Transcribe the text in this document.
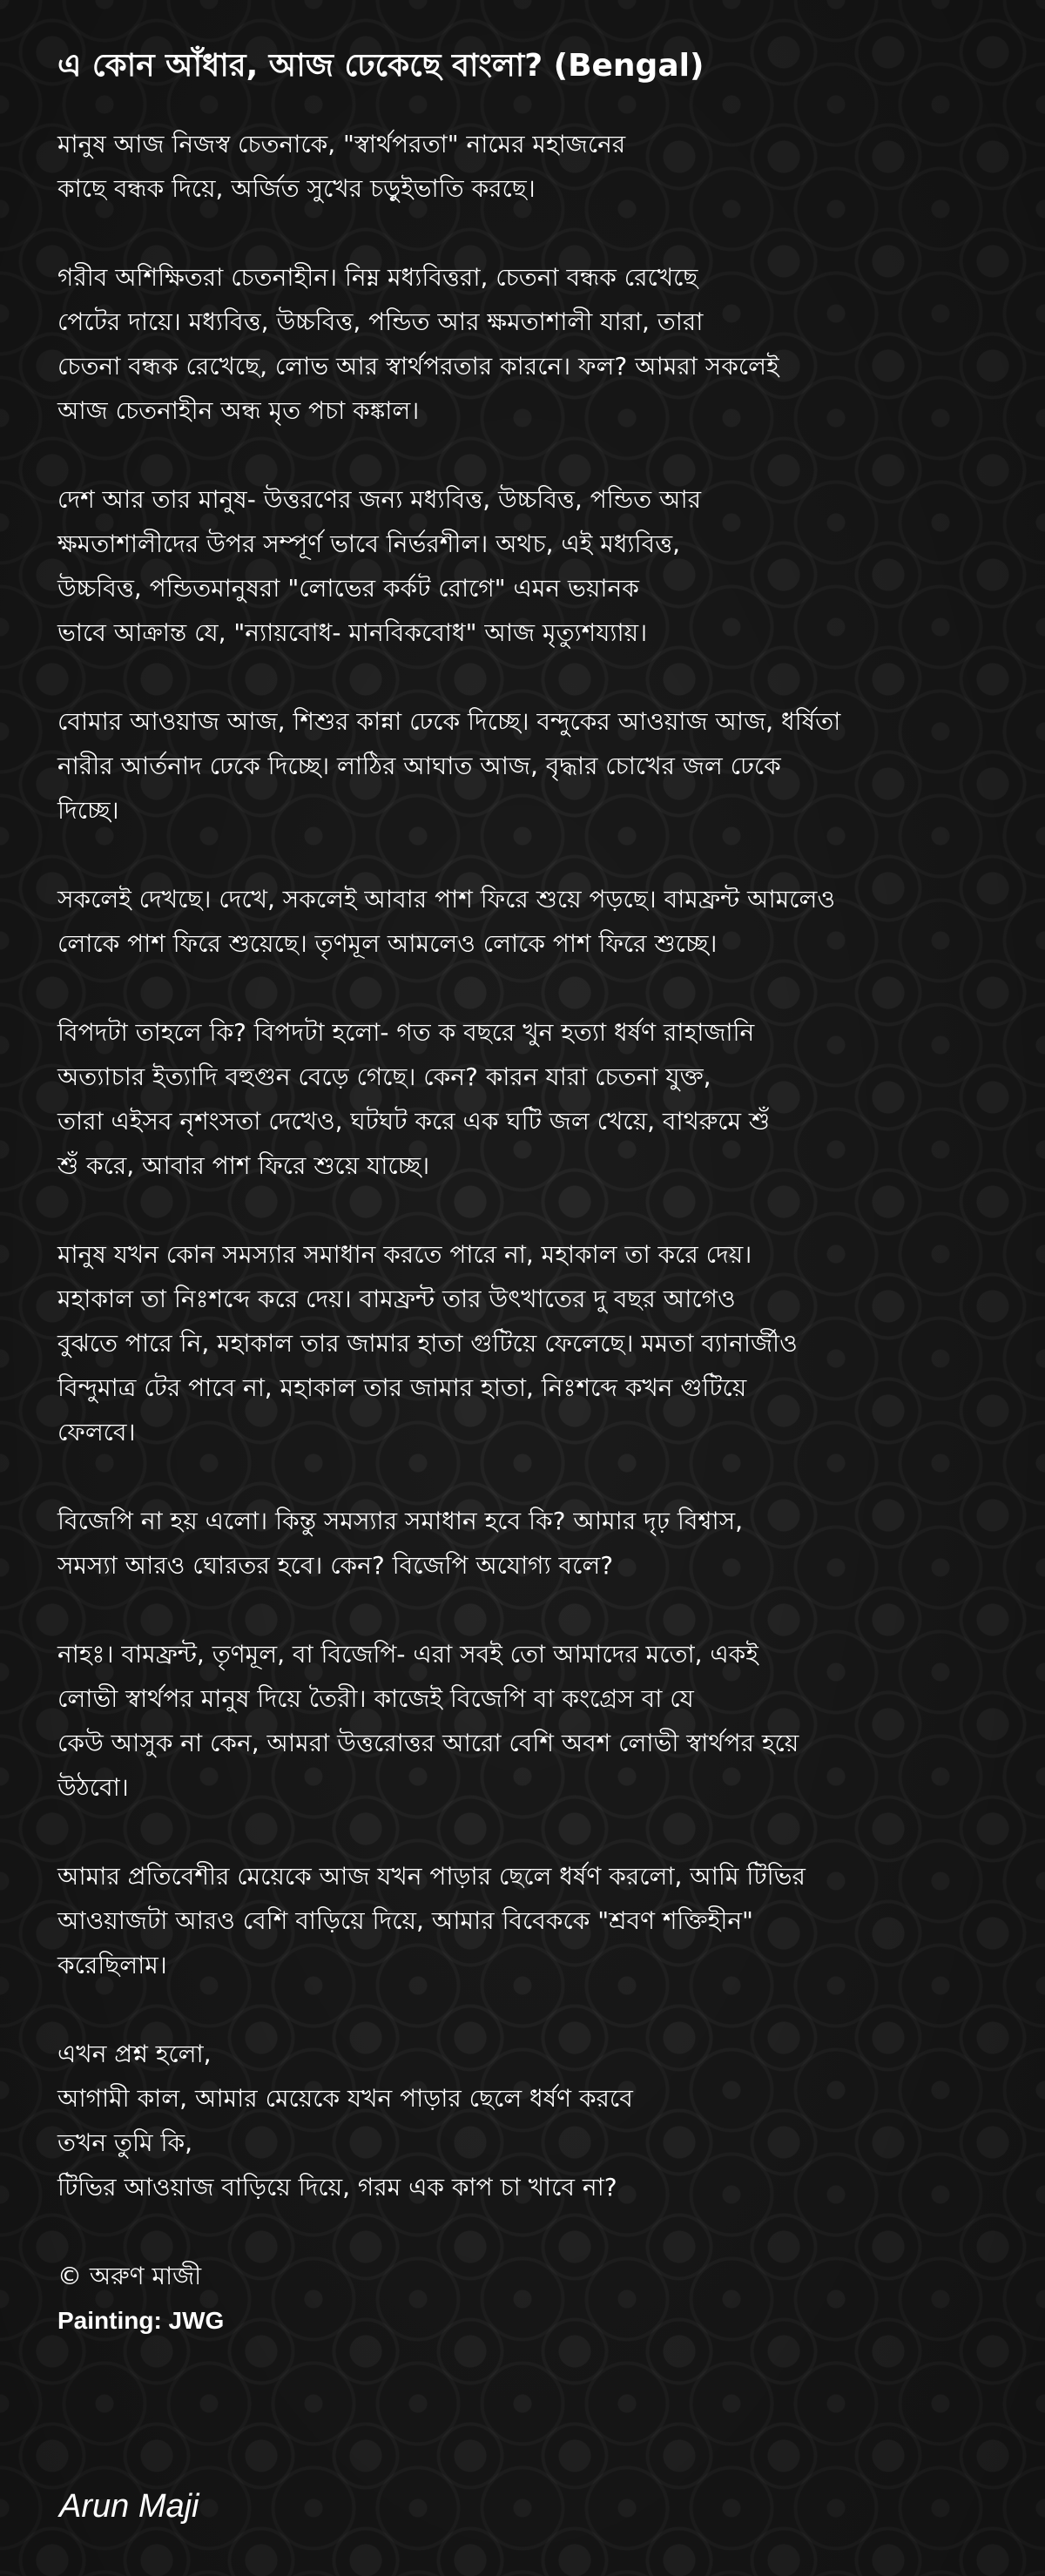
এ কোন আঁধার, আজ ঢেকেছে বাংলা? (Bengal)
মানুষ আজ নিজস্ব চেতনাকে, "স্বার্থপরতা" নামের মহাজনের
কাছে বন্ধক দিয়ে, অর্জিত সুখের চড়ুইভাতি করছে।
গরীব অশিক্ষিতরা চেতনাহীন। নিম্ন মধ্যবিত্তরা, চেতনা বন্ধক রেখেছে
পেটের দায়ে। মধ্যবিত্ত, উচ্চবিত্ত, পন্ডিত আর ক্ষমতাশালী যারা, তারা
চেতনা বন্ধক রেখেছে, লোভ আর স্বার্থপরতার কারনে। ফল? আমরা সকলেই
আজ চেতনাহীন অন্ধ মৃত পচা কঙ্কাল।
দেশ আর তার মানুষ- উত্তরণের জন্য মধ্যবিত্ত, উচ্চবিত্ত, পন্ডিত আর
ক্ষমতাশালীদের উপর সম্পূর্ণ ভাবে নির্ভরশীল। অথচ, এই মধ্যবিত্ত,
উচ্চবিত্ত, পন্ডিতমানুষরা "লোভের কর্কট রোগে" এমন ভয়ানক
ভাবে আক্রান্ত যে, "ন্যায়বোধ- মানবিকবোধ" আজ মৃত্যুশয্যায়।
বোমার আওয়াজ আজ, শিশুর কান্না ঢেকে দিচ্ছে। বন্দুকের আওয়াজ আজ, ধর্ষিতা
নারীর আর্তনাদ ঢেকে দিচ্ছে। লাঠির আঘাত আজ, বৃদ্ধার চোখের জল ঢেকে
দিচ্ছে।
সকলেই দেখছে। দেখে, সকলেই আবার পাশ ফিরে শুয়ে পড়ছে। বামফ্রন্ট আমলেও
লোকে পাশ ফিরে শুয়েছে। তৃণমূল আমলেও লোকে পাশ ফিরে শুচ্ছে।
বিপদটা তাহলে কি? বিপদটা হলো- গত ক বছরে খুন হত্যা ধর্ষণ রাহাজানি
অত্যাচার ইত্যাদি বহুগুন বেড়ে গেছে। কেন? কারন যারা চেতনা যুক্ত,
তারা এইসব নৃশংসতা দেখেও, ঘটঘট করে এক ঘটি জল খেয়ে, বাথরুমে শুঁ
শুঁ করে, আবার পাশ ফিরে শুয়ে যাচ্ছে।
মানুষ যখন কোন সমস্যার সমাধান করতে পারে না, মহাকাল তা করে দেয়।
মহাকাল তা নিঃশব্দে করে দেয়। বামফ্রন্ট তার উৎখাতের দু বছর আগেও
বুঝতে পারে নি, মহাকাল তার জামার হাতা গুটিয়ে ফেলেছে। মমতা ব্যানার্জীও
বিন্দুমাত্র টের পাবে না, মহাকাল তার জামার হাতা, নিঃশব্দে কখন গুটিয়ে
ফেলবে।
বিজেপি না হয় এলো। কিন্তু সমস্যার সমাধান হবে কি? আমার দৃঢ় বিশ্বাস,
সমস্যা আরও ঘোরতর হবে। কেন? বিজেপি অযোগ্য বলে?
নাহঃ। বামফ্রন্ট, তৃণমূল, বা বিজেপি- এরা সবই তো আমাদের মতো, একই
লোভী স্বার্থপর মানুষ দিয়ে তৈরী। কাজেই বিজেপি বা কংগ্রেস বা যে
কেউ আসুক না কেন, আমরা উত্তরোত্তর আরো বেশি অবশ লোভী স্বার্থপর হয়ে
উঠবো।
আমার প্রতিবেশীর মেয়েকে আজ যখন পাড়ার ছেলে ধর্ষণ করলো, আমি টিভির
আওয়াজটা আরও বেশি বাড়িয়ে দিয়ে, আমার বিবেককে "শ্রবণ শক্তিহীন"
করেছিলাম।
এখন প্রশ্ন হলো,
আগামী কাল, আমার মেয়েকে যখন পাড়ার ছেলে ধর্ষণ করবে
তখন তুমি কি,
টিভির আওয়াজ বাড়িয়ে দিয়ে, গরম এক কাপ চা খাবে না?
© অরুণ মাজী
Painting: JWG
Arun Maji
